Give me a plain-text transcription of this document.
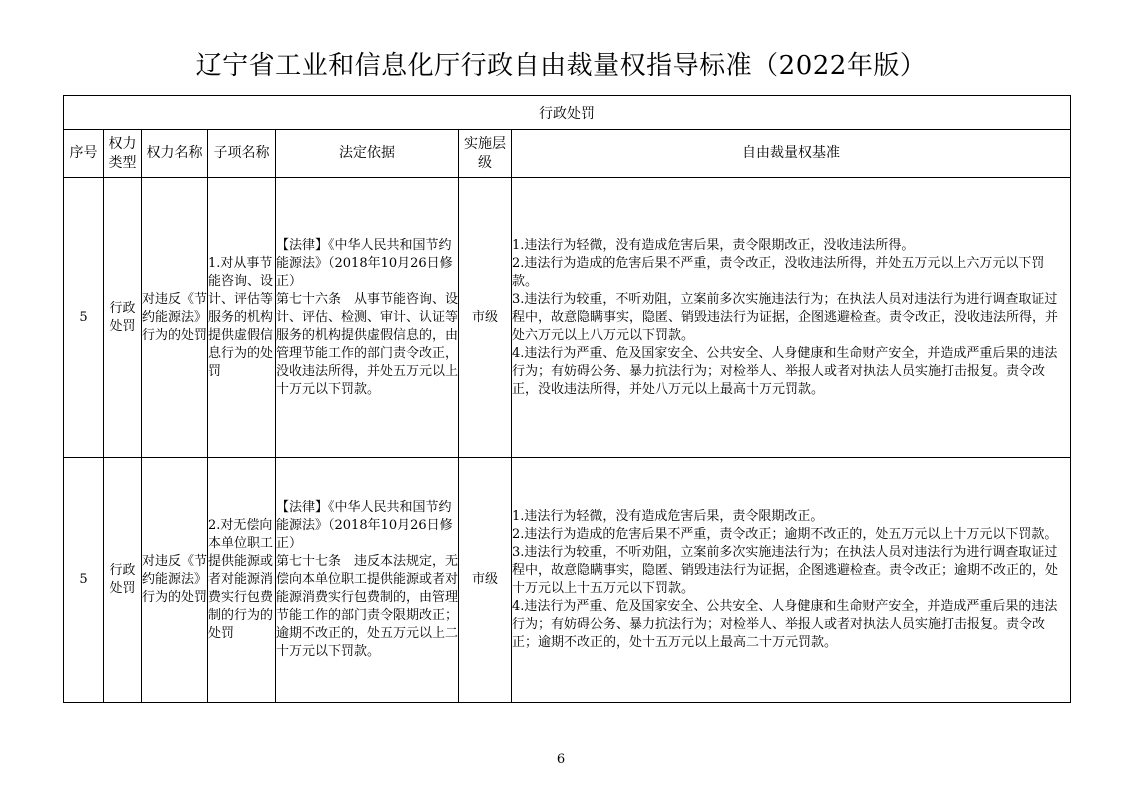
辽宁省工业和信息化厅行政自由裁量权指导标准（2022年版）
行政处罚						
序号	权力类型	权力名称	子项名称	法定依据	实施层级	自由裁量权基准
5	行政处罚	对违反《节约能源法》行为的处罚	1.对从事节能咨询、设计、评估等服务的机构提供虚假信息行为的处罚	【法律】《中华人民共和国节约能源法》（2018年10月26日修正）
第七十六条　从事节能咨询、设计、评估、检测、审计、认证等服务的机构提供虚假信息的，由管理节能工作的部门责令改正，没收违法所得，并处五万元以上十万元以下罚款。	市级	1.违法行为轻微，没有造成危害后果，责令限期改正，没收违法所得。
2.违法行为造成的危害后果不严重，责令改正，没收违法所得，并处五万元以上六万元以下罚款。
3.违法行为较重，不听劝阻，立案前多次实施违法行为；在执法人员对违法行为进行调查取证过程中，故意隐瞒事实，隐匿、销毁违法行为证据，企图逃避检查。责令改正，没收违法所得，并处六万元以上八万元以下罚款。
4.违法行为严重、危及国家安全、公共安全、人身健康和生命财产安全，并造成严重后果的违法行为；有妨碍公务、暴力抗法行为；对检举人、举报人或者对执法人员实施打击报复。责令改正，没收违法所得，并处八万元以上最高十万元罚款。

5	行政处罚	对违反《节约能源法》行为的处罚	2.对无偿向本单位职工提供能源或者对能源消费实行包费制的行为的处罚	【法律】《中华人民共和国节约能源法》（2018年10月26日修正）
第七十七条　违反本法规定，无偿向本单位职工提供能源或者对能源消费实行包费制的，由管理节能工作的部门责令限期改正；逾期不改正的，处五万元以上二十万元以下罚款。	市级	1.违法行为轻微，没有造成危害后果，责令限期改正。
2.违法行为造成的危害后果不严重，责令改正；逾期不改正的，处五万元以上十万元以下罚款。
3.违法行为较重，不听劝阻，立案前多次实施违法行为；在执法人员对违法行为进行调查取证过程中，故意隐瞒事实，隐匿、销毁违法行为证据，企图逃避检查。责令改正；逾期不改正的，处十万元以上十五万元以下罚款。
4.违法行为严重、危及国家安全、公共安全、人身健康和生命财产安全，并造成严重后果的违法行为；有妨碍公务、暴力抗法行为；对检举人、举报人或者对执法人员实施打击报复。责令改正；逾期不改正的，处十五万元以上最高二十万元罚款。
6
